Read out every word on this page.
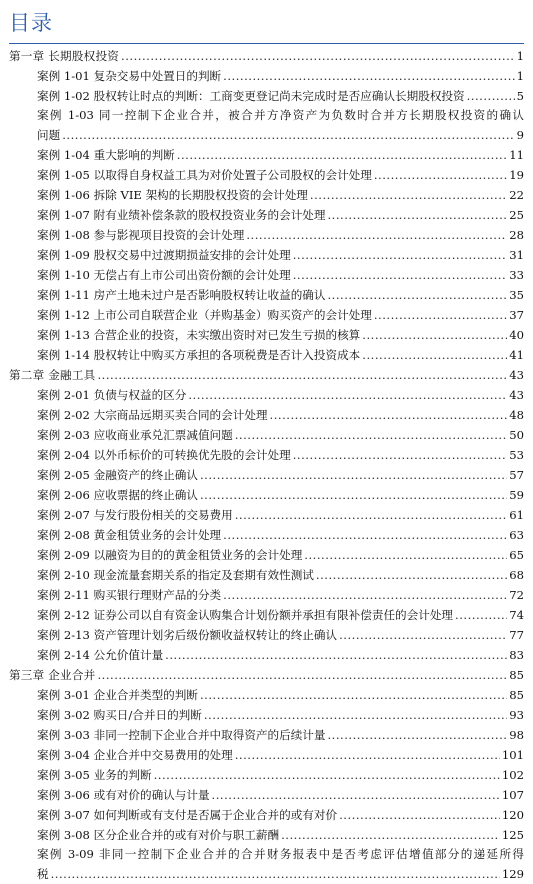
目录
第一章 长期股权投资 .....	1
案例 1-01 复杂交易中处置日的判断 .....	1
案例 1-02 股权转让时点的判断：工商变更登记尚未完成时是否应确认长期股权投资 .....	5
案例 1-03 同一控制下企业合并，被合并方净资产为负数时合并方长期股权投资的确认
问题 .....	9
案例 1-04 重大影响的判断 .....	11
案例 1-05 以取得自身权益工具为对价处置子公司股权的会计处理 .....	19
案例 1-06 拆除 VIE 架构的长期股权投资的会计处理 .....	22
案例 1-07 附有业绩补偿条款的股权投资业务的会计处理 .....	25
案例 1-08 参与影视项目投资的会计处理 .....	28
案例 1-09 股权交易中过渡期损益安排的会计处理 .....	31
案例 1-10 无偿占有上市公司出资份额的会计处理 .....	33
案例 1-11 房产土地未过户是否影响股权转让收益的确认 .....	35
案例 1-12 上市公司自联营企业（并购基金）购买资产的会计处理 .....	37
案例 1-13 合营企业的投资，未实缴出资时对已发生亏损的核算 .....	40
案例 1-14 股权转让中购买方承担的各项税费是否计入投资成本 .....	41
第二章 金融工具 .....	43
案例 2-01 负债与权益的区分 .....	43
案例 2-02 大宗商品远期买卖合同的会计处理 .....	48
案例 2-03 应收商业承兑汇票减值问题 .....	50
案例 2-04 以外币标价的可转换优先股的会计处理 .....	53
案例 2-05 金融资产的终止确认 .....	57
案例 2-06 应收票据的终止确认 .....	59
案例 2-07 与发行股份相关的交易费用 .....	61
案例 2-08 黄金租赁业务的会计处理 .....	63
案例 2-09 以融资为目的的黄金租赁业务的会计处理 .....	65
案例 2-10 现金流量套期关系的指定及套期有效性测试 .....	68
案例 2-11 购买银行理财产品的分类 .....	72
案例 2-12 证券公司以自有资金认购集合计划份额并承担有限补偿责任的会计处理 .....	74
案例 2-13 资产管理计划劣后级份额收益权转让的终止确认 .....	77
案例 2-14 公允价值计量 .....	83
第三章 企业合并 .....	85
案例 3-01 企业合并类型的判断 .....	85
案例 3-02 购买日/合并日的判断 .....	93
案例 3-03 非同一控制下企业合并中取得资产的后续计量 .....	98
案例 3-04 企业合并中交易费用的处理 .....	101
案例 3-05 业务的判断 .....	102
案例 3-06 或有对价的确认与计量 .....	107
案例 3-07 如何判断或有支付是否属于企业合并的或有对价 .....	120
案例 3-08 区分企业合并的或有对价与职工薪酬 .....	125
案例 3-09 非同一控制下企业合并的合并财务报表中是否考虑评估增值部分的递延所得
税 .....	129
